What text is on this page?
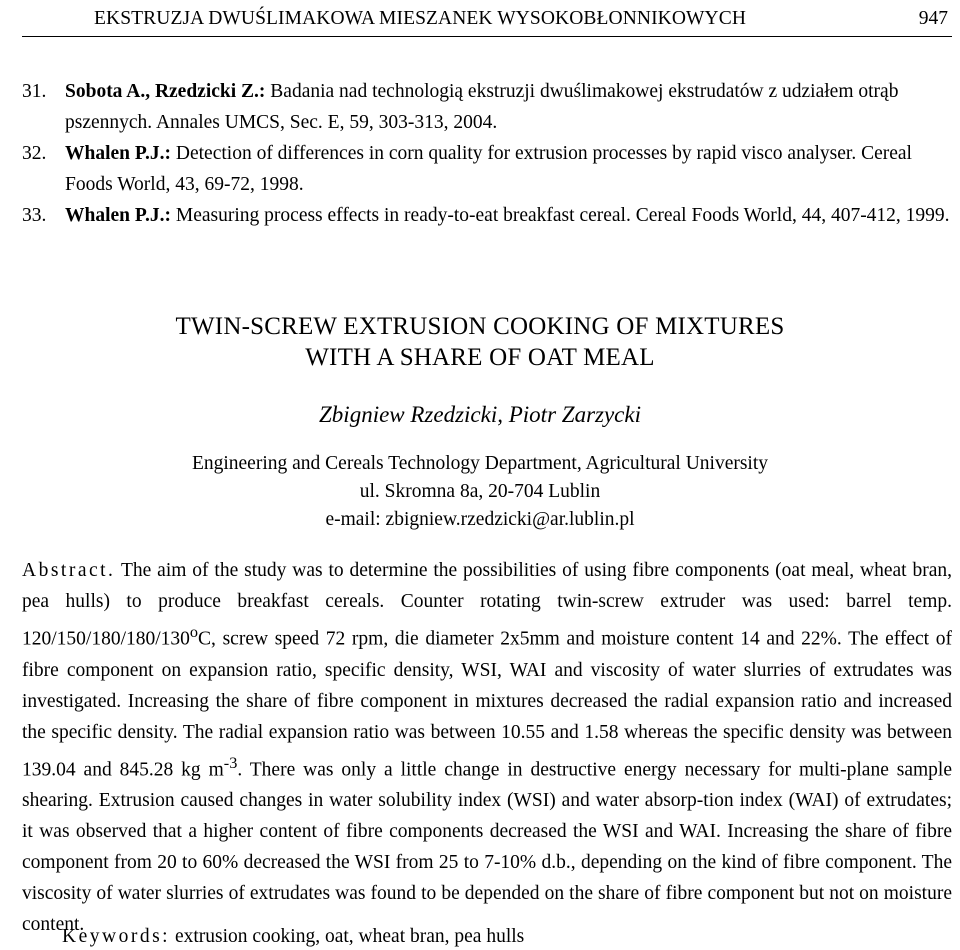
EKSTRUZJA DWUŚLIMAKOWA MIESZANEK WYSOKOBŁONNIKOWYCH	947
31. Sobota A., Rzedzicki Z.: Badania nad technologią ekstruzji dwuślimakowej ekstrudatów z udziałem otrąb pszennych. Annales UMCS, Sec. E, 59, 303-313, 2004.
32. Whalen P.J.: Detection of differences in corn quality for extrusion processes by rapid visco analyser. Cereal Foods World, 43, 69-72, 1998.
33. Whalen P.J.: Measuring process effects in ready-to-eat breakfast cereal. Cereal Foods World, 44, 407-412, 1999.
TWIN-SCREW EXTRUSION COOKING OF MIXTURES
WITH A SHARE OF OAT MEAL
Zbigniew Rzedzicki, Piotr Zarzycki
Engineering and Cereals Technology Department, Agricultural University
ul. Skromna 8a, 20-704 Lublin
e-mail: zbigniew.rzedzicki@ar.lublin.pl
Abstract. The aim of the study was to determine the possibilities of using fibre components (oat meal, wheat bran, pea hulls) to produce breakfast cereals. Counter rotating twin-screw extruder was used: barrel temp. 120/150/180/180/130$^o$C, screw speed 72 rpm, die diameter 2x5mm and moisture content 14 and 22%. The effect of fibre component on expansion ratio, specific density, WSI, WAI and viscosity of water slurries of extrudates was investigated. Increasing the share of fibre component in mixtures decreased the radial expansion ratio and increased the specific density. The radial expansion ratio was between 10.55 and 1.58 whereas the specific density was between 139.04 and 845.28 kg $m^{-3}$. There was only a little change in destructive energy necessary for multi-plane sample shearing. Extrusion caused changes in water solubility index (WSI) and water absorp-tion index (WAI) of extrudates; it was observed that a higher content of fibre components decreased the WSI and WAI. Increasing the share of fibre component from 20 to 60% decreased the WSI from 25 to 7-10% d.b., depending on the kind of fibre component. The viscosity of water slurries of extrudates was found to be depended on the share of fibre component but not on moisture content.
Keywords: extrusion cooking, oat, wheat bran, pea hulls
